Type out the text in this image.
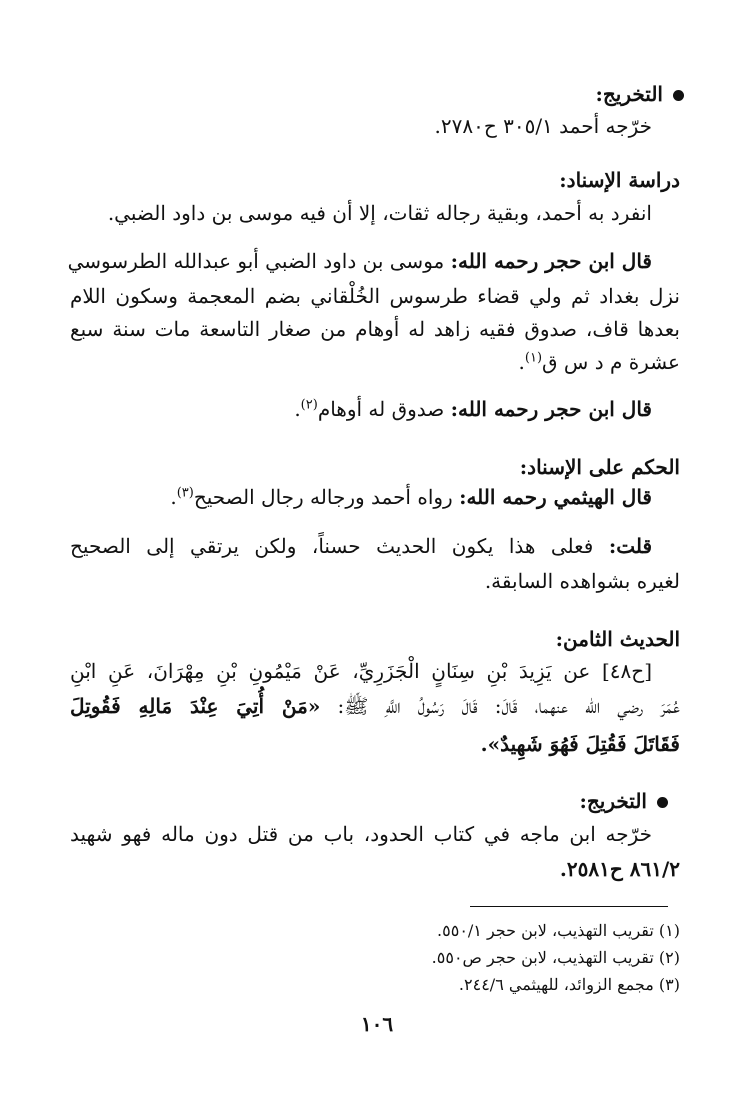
التخريج:
خرّجه أحمد ٣٠٥/١ ح٢٧٨٠.
دراسة الإسناد:
انفرد به أحمد، وبقية رجاله ثقات، إلا أن فيه موسى بن داود الضبي.
قال ابن حجر رحمه الله: موسى بن داود الضبي أبو عبدالله الطرسوسي
نزل بغداد ثم ولي قضاء طرسوس الخُلْقاني بضم المعجمة وسكون اللام
بعدها قاف، صدوق فقيه زاهد له أوهام من صغار التاسعة مات سنة سبع
عشرة م د س ق$^{(١)}$.
قال ابن حجر رحمه الله: صدوق له أوهام$^{(٢)}$.
الحكم على الإسناد:
قال الهيثمي رحمه الله: رواه أحمد ورجاله رجال الصحيح$^{(٣)}$.
قلت: فعلى هذا يكون الحديث حسناً، ولكن يرتقي إلى الصحيح
لغيره بشواهده السابقة.
الحديث الثامن:
[ح٤٨] عن يَزِيدَ بْنِ سِنَانٍ الْجَزَرِيِّ، عَنْ مَيْمُونِ بْنِ مِهْرَانَ، عَنِ ابْنِ
عُمَرَ رضي الله عنهما، قَالَ: قَالَ رَسُولُ اللَّهِ ﷺ: «مَنْ أُتِيَ عِنْدَ مَالِهِ فَقُوتِلَ
فَقَاتَلَ فَقُتِلَ فَهُوَ شَهِيدٌ».
التخريج:
خرّجه ابن ماجه في كتاب الحدود، باب من قتل دون ماله فهو شهيد
٨٦١/٢ ح٢٥٨١.
(١) تقريب التهذيب، لابن حجر ٥٥٠/١.
(٢) تقريب التهذيب، لابن حجر ص٥٥٠.
(٣) مجمع الزوائد، للهيثمي ٢٤٤/٦.
١٠٦
